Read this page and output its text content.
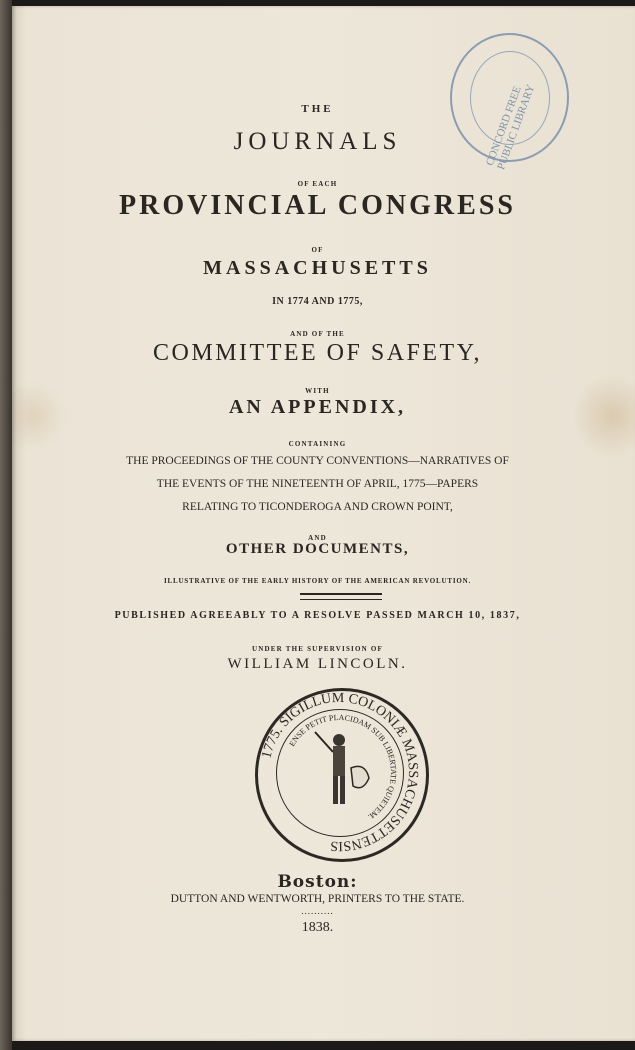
CONCORD FREE PUBLIC LIBRARY
THE
JOURNALS
OF EACH
PROVINCIAL CONGRESS
OF
MASSACHUSETTS
IN 1774 AND 1775,
AND OF THE
COMMITTEE OF SAFETY,
WITH
AN APPENDIX,
CONTAINING
THE PROCEEDINGS OF THE COUNTY CONVENTIONS—NARRATIVES OF
THE EVENTS OF THE NINETEENTH OF APRIL, 1775—PAPERS
RELATING TO TICONDEROGA AND CROWN POINT,
AND
OTHER DOCUMENTS,
ILLUSTRATIVE OF THE EARLY HISTORY OF THE AMERICAN REVOLUTION.
PUBLISHED AGREEABLY TO A RESOLVE PASSED MARCH 10, 1837,
UNDER THE SUPERVISION OF
WILLIAM LINCOLN.
1775. SIGILLUM COLONIÆ MASSACHUSETTENSIS
ENSE PETIT PLACIDAM SUB LIBERTATE QUIETEM.
Boston:
DUTTON AND WENTWORTH, PRINTERS TO THE STATE.
..........
1838.
